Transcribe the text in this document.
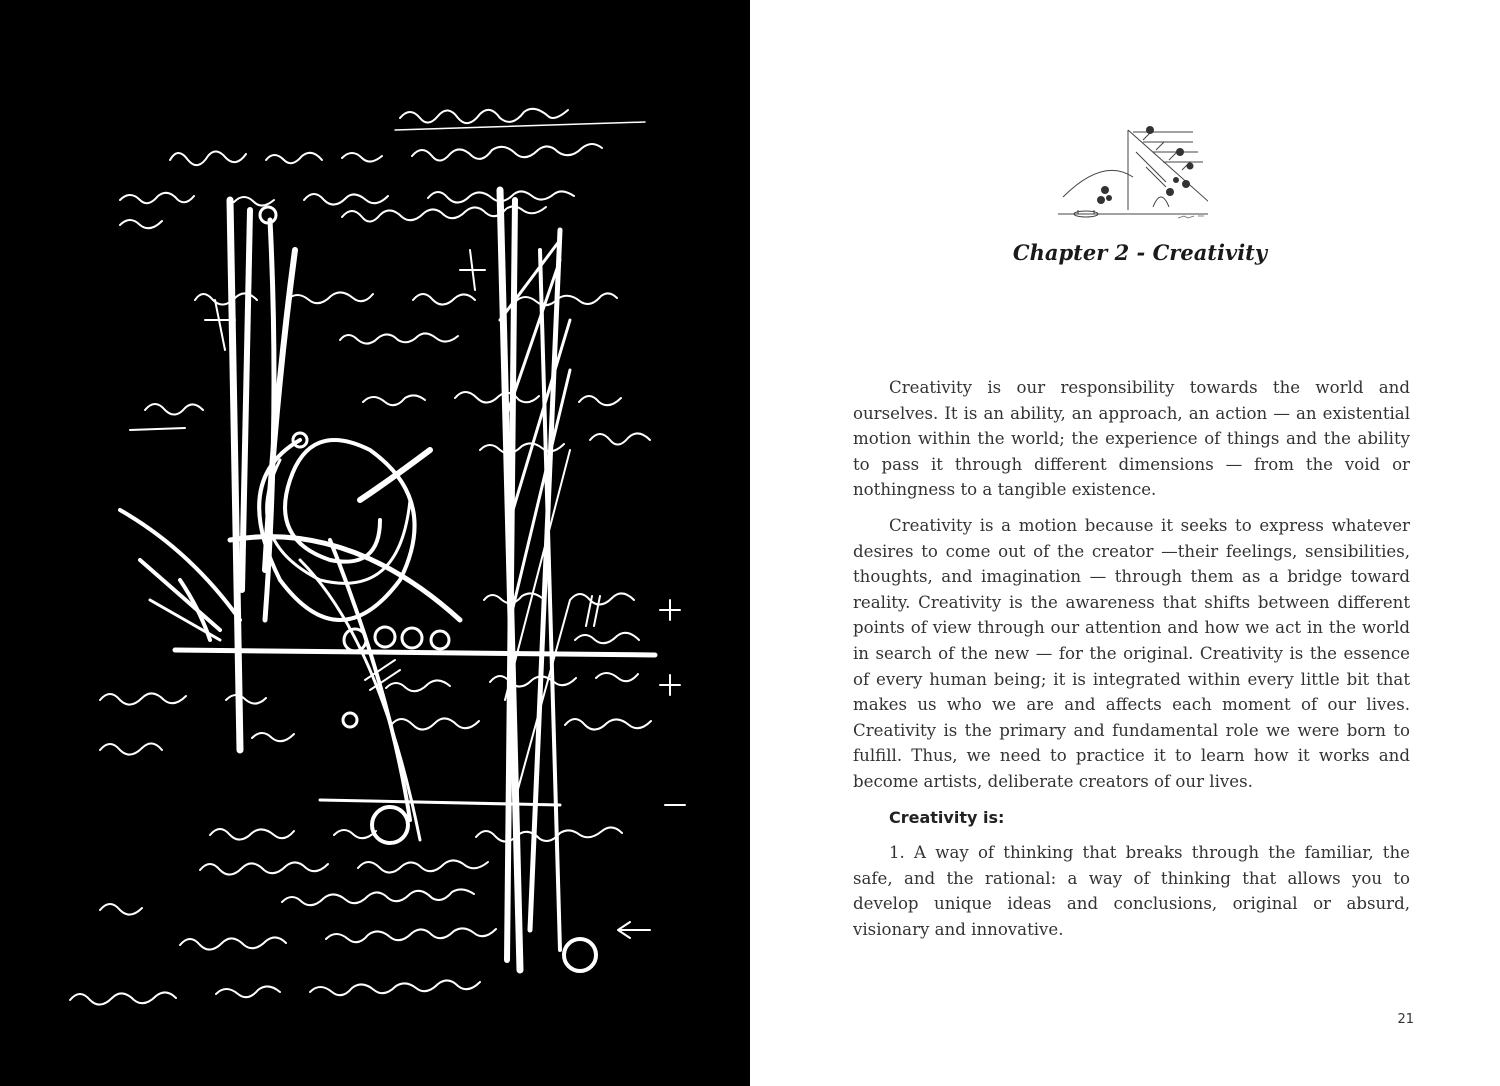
Chapter 2 - Creativity

Creativity is our responsibility towards the world and ourselves. It is an ability, an approach, an action — an existential motion within the world; the experience of things and the ability to pass it through different dimensions — from the void or nothingness to a tangible existence.

Creativity is a motion because it seeks to express whatever desires to come out of the creator —their feelings, sensibilities, thoughts, and imagination — through them as a bridge toward reality. Creativity is the awareness that shifts between different points of view through our attention and how we act in the world in search of the new — for the original. Creativity is the essence of every human being; it is integrated within every little bit that makes us who we are and affects each moment of our lives. Creativity is the primary and fundamental role we were born to fulfill. Thus, we need to practice it to learn how it works and become artists, deliberate creators of our lives.

Creativity is:

1. A way of thinking that breaks through the familiar, the safe, and the rational: a way of thinking that allows you to develop unique ideas and conclusions, original or absurd, visionary and innovative.

21
